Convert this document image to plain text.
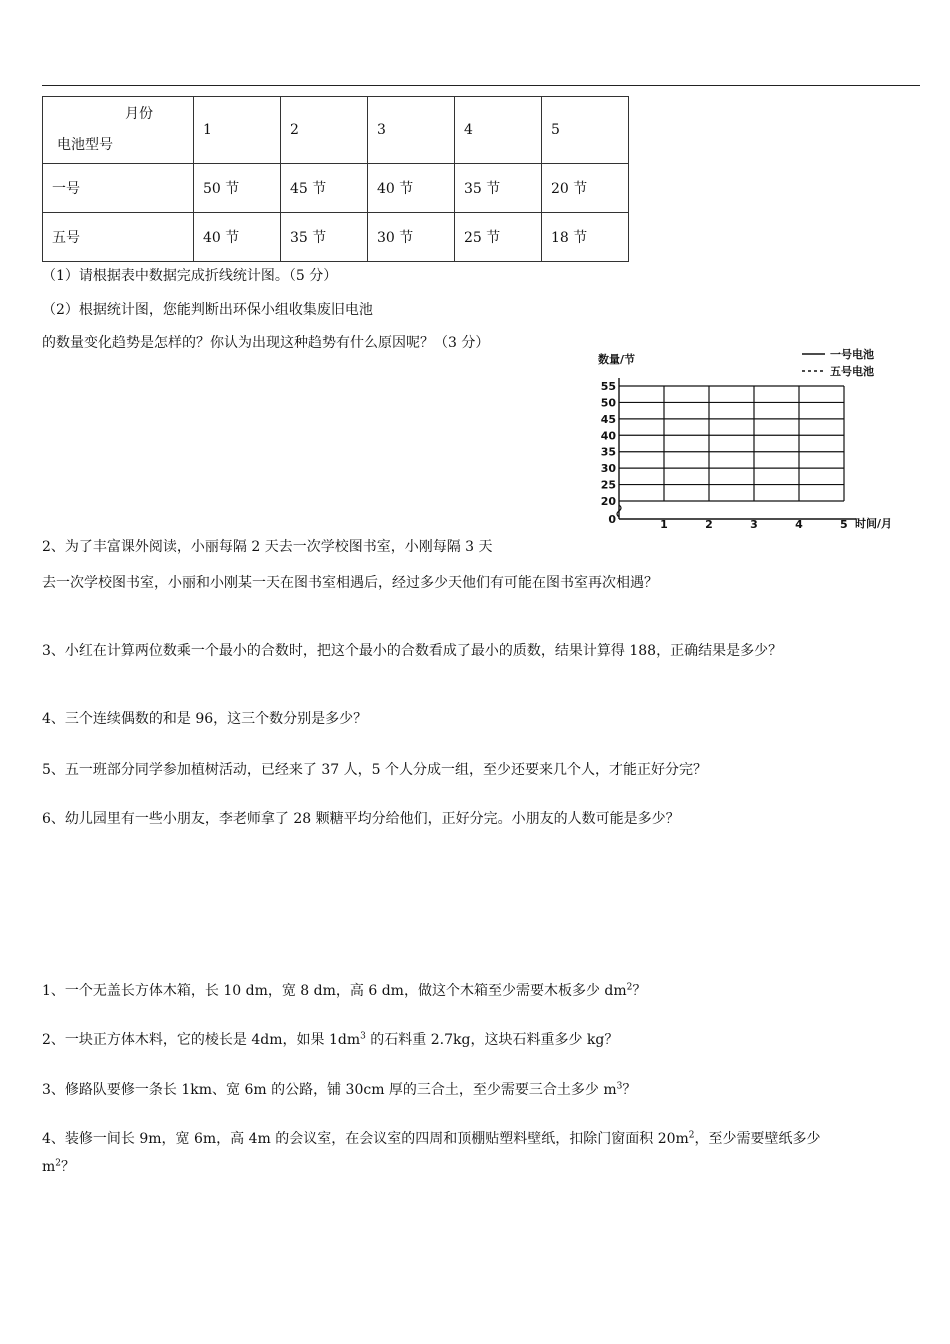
月份
电池型号	1	2	3	4	5
一号	50 节	45 节	40 节	35 节	20 节
五号	40 节	35 节	30 节	25 节	18 节
（1）请根据表中数据完成折线统计图。（5 分）
（2）根据统计图，您能判断出环保小组收集废旧电池
的数量变化趋势是怎样的？你认为出现这种趋势有什么原因呢？（3 分）
数量/节	一号电池
五号电池
0
20
25
30
35
40
45
50
55
1	2	3	4	5 时间/月
2、为了丰富课外阅读，小丽每隔 2 天去一次学校图书室，小刚每隔 3 天
去一次学校图书室，小丽和小刚某一天在图书室相遇后，经过多少天他们有可能在图书室再次相遇？
3、小红在计算两位数乘一个最小的合数时，把这个最小的合数看成了最小的质数，结果计算得 188，正确结果是多少？
4、三个连续偶数的和是 96，这三个数分别是多少？
5、五一班部分同学参加植树活动，已经来了 37 人，5 个人分成一组，至少还要来几个人，才能正好分完？
6、幼儿园里有一些小朋友，李老师拿了 28 颗糖平均分给他们，正好分完。小朋友的人数可能是多少？
1、一个无盖长方体木箱，长 10 dm，宽 8 dm，高 6 dm，做这个木箱至少需要木板多少 $dm^2$？
2、一块正方体木料，它的棱长是 4dm，如果 $1dm^3$ 的石料重 2.7kg，这块石料重多少 kg？
3、修路队要修一条长 1km、宽 6m 的公路，铺 30cm 厚的三合土，至少需要三合土多少 $m^3$？
4、装修一间长 9m，宽 6m，高 4m 的会议室，在会议室的四周和顶棚贴塑料壁纸，扣除门窗面积 $20m^2$，至少需要壁纸多少
$m^2$？
